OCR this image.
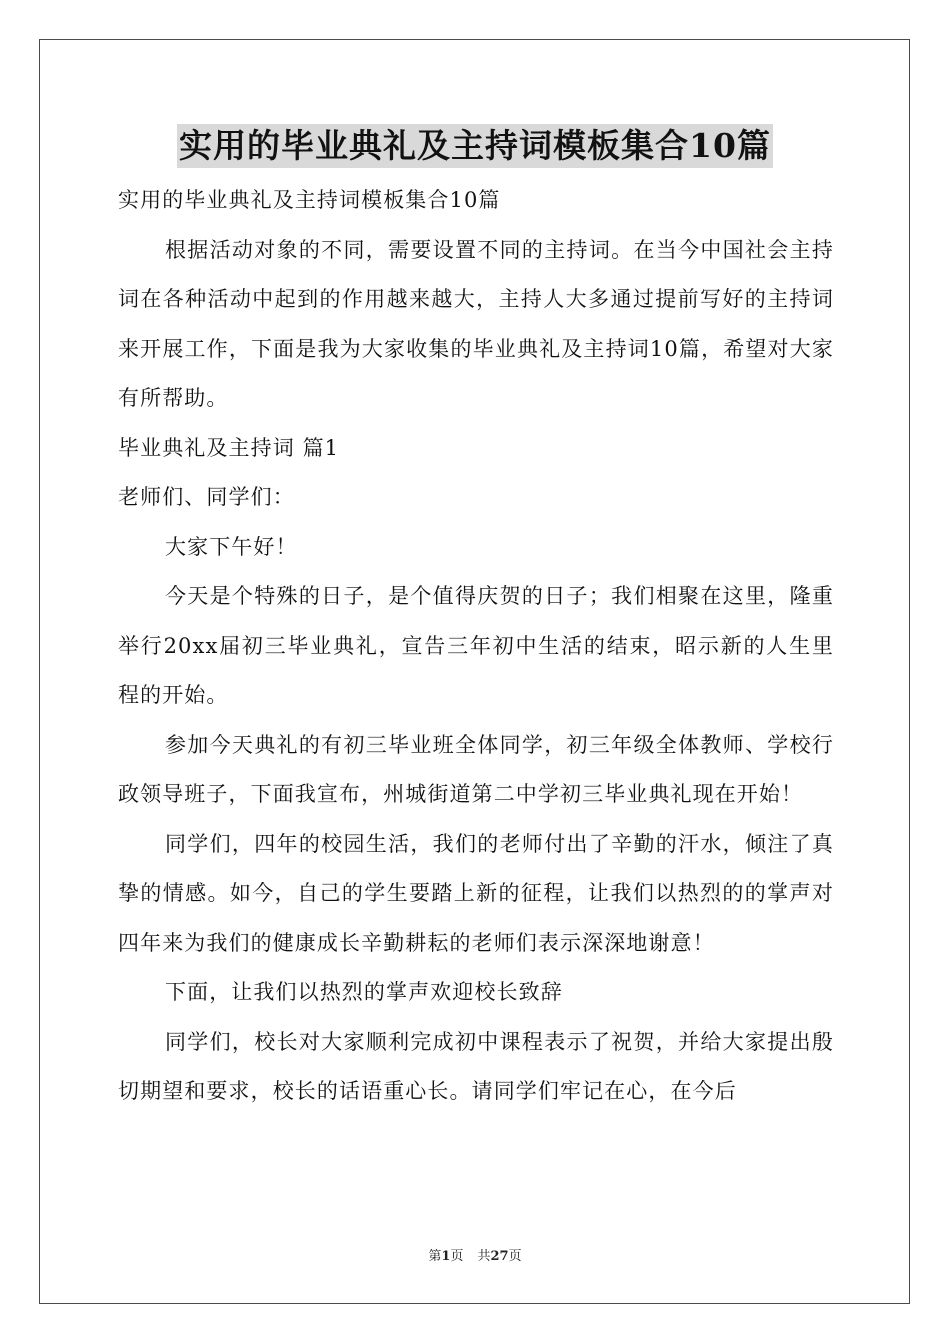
实用的毕业典礼及主持词模板集合10篇

实用的毕业典礼及主持词模板集合10篇

根据活动对象的不同，需要设置不同的主持词。在当今中国社会主持词在各种活动中起到的作用越来越大，主持人大多通过提前写好的主持词来开展工作，下面是我为大家收集的毕业典礼及主持词10篇，希望对大家有所帮助。

毕业典礼及主持词 篇1

老师们、同学们：

大家下午好！

今天是个特殊的日子，是个值得庆贺的日子；我们相聚在这里，隆重举行20xx届初三毕业典礼，宣告三年初中生活的结束，昭示新的人生里程的开始。

参加今天典礼的有初三毕业班全体同学，初三年级全体教师、学校行政领导班子，下面我宣布，州城街道第二中学初三毕业典礼现在开始！

同学们，四年的校园生活，我们的老师付出了辛勤的汗水，倾注了真挚的情感。如今，自己的学生要踏上新的征程，让我们以热烈的的掌声对四年来为我们的健康成长辛勤耕耘的老师们表示深深地谢意！

下面，让我们以热烈的掌声欢迎校长致辞

同学们，校长对大家顺利完成初中课程表示了祝贺，并给大家提出殷切期望和要求，校长的话语重心长。请同学们牢记在心，在今后

第1页 共27页
